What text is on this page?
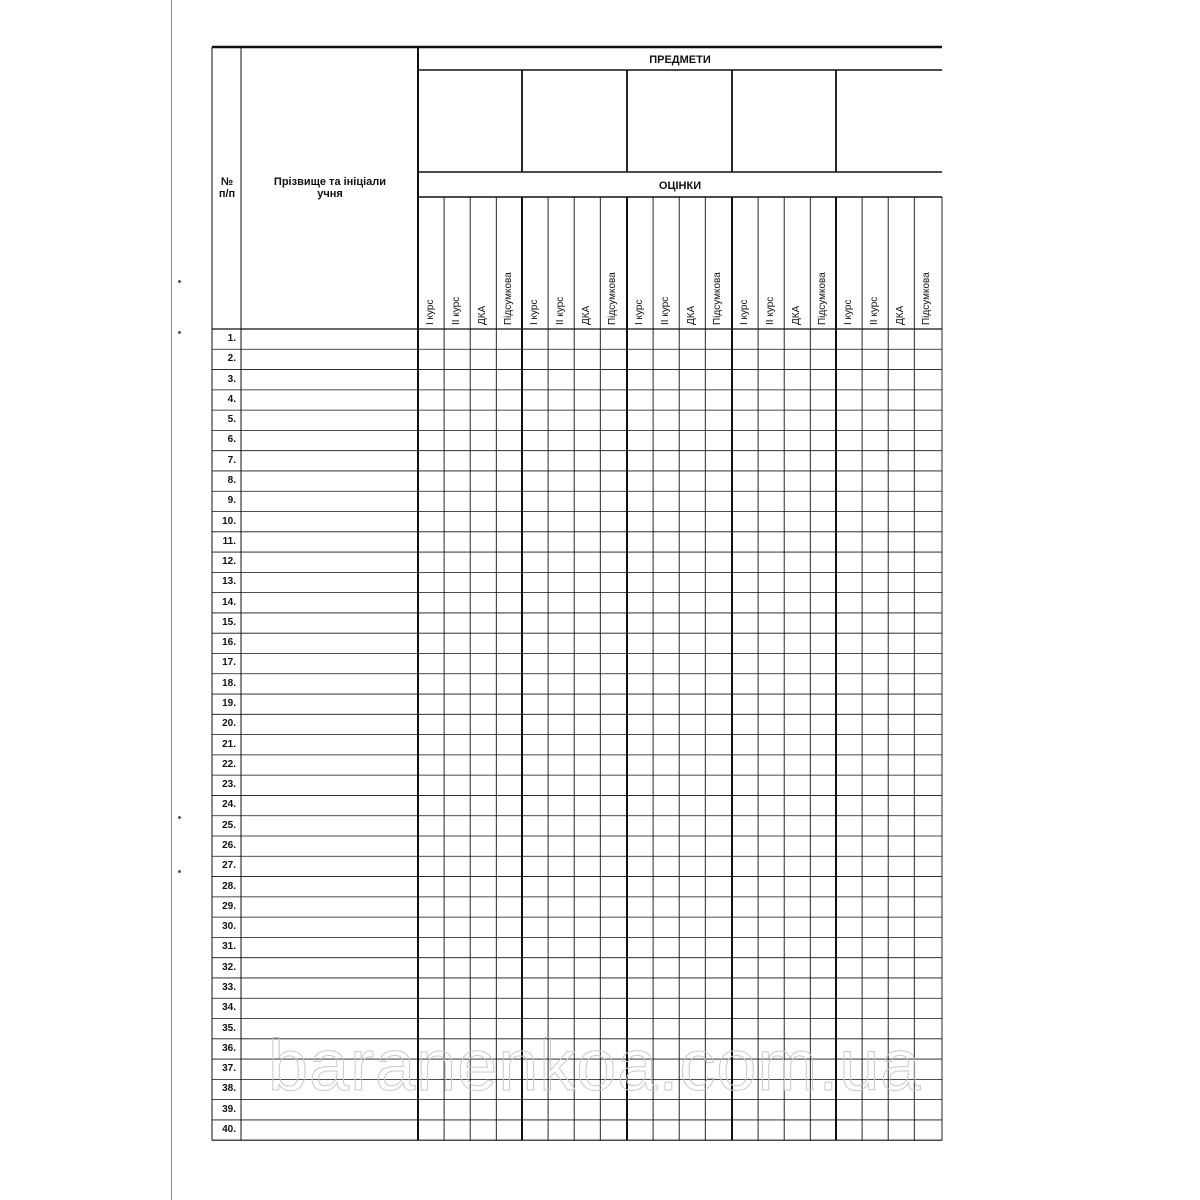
№
п/п
Прізвище та ініціали
учня
ПРЕДМЕТИ
ОЦІНКИ
І курс ІІ курс ДКА Підсумкова І курс ІІ курс ДКА Підсумкова І курс ІІ курс ДКА Підсумкова І курс ІІ курс ДКА Підсумкова І курс ІІ курс ДКА Підсумкова
1.
2.
3.
4.
5.
6.
7.
8.
9.
10.
11.
12.
13.
14.
15.
16.
17.
18.
19.
20.
21.
22.
23.
24.
25.
26.
27.
28.
29.
30.
31.
32.
33.
34.
35.
36.
37.
38.
39.
40.
baranenkoa.com.ua
